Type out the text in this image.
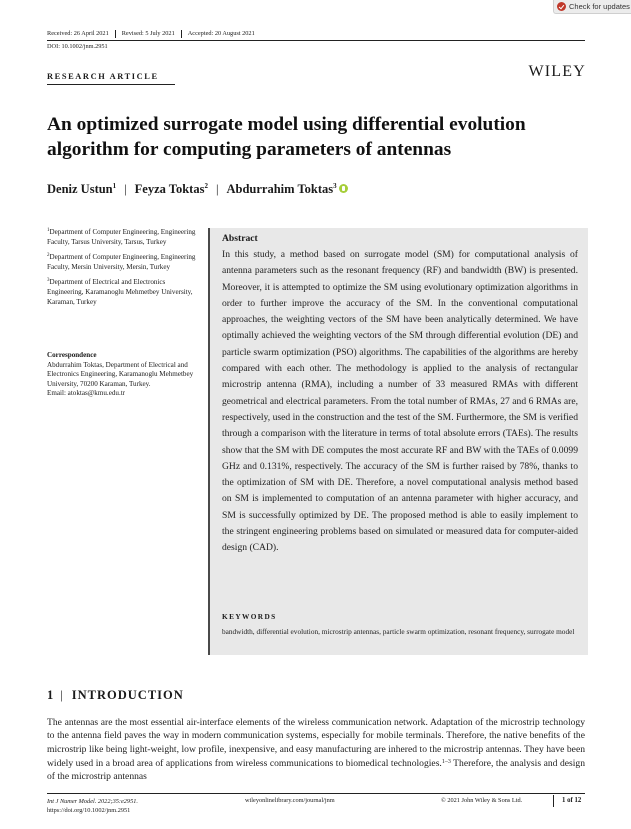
Check for updates
Received: 26 April 2021	Revised: 5 July 2021	Accepted: 20 August 2021
DOI: 10.1002/jnm.2951
RESEARCH ARTICLE	WILEY
An optimized surrogate model using differential evolution algorithm for computing parameters of antennas
Deniz Ustun$^1$ | Feyza Toktas$^2$ | Abdurrahim Toktas$^3$
$^1$Department of Computer Engineering, Engineering Faculty, Tarsus University, Tarsus, Turkey
$^2$Department of Computer Engineering, Engineering Faculty, Mersin University, Mersin, Turkey
$^3$Department of Electrical and Electronics Engineering, Karamanoglu Mehmetbey University, Karaman, Turkey
Correspondence
Abdurrahim Toktas, Department of Electrical and Electronics Engineering, Karamanoglu Mehmetbey University, 70200 Karaman, Turkey.
Email: atoktas@kmu.edu.tr
Abstract
In this study, a method based on surrogate model (SM) for computational analysis of antenna parameters such as the resonant frequency (RF) and bandwidth (BW) is presented. Moreover, it is attempted to optimize the SM using evolutionary optimization algorithms in order to further improve the accuracy of the SM. In the conventional computational approaches, the weighting vectors of the SM have been analytically determined. We have optimally achieved the weighting vectors of the SM through differential evolution (DE) and particle swarm optimization (PSO) algorithms. The capabilities of the algorithms are hereby compared with each other. The methodology is applied to the analysis of rectangular microstrip antenna (RMA), including a number of 33 measured RMAs with different geometrical and electrical parameters. From the total number of RMAs, 27 and 6 RMAs are, respectively, used in the construction and the test of the SM. Furthermore, the SM is verified through a comparison with the literature in terms of total absolute errors (TAEs). The results show that the SM with DE computes the most accurate RF and BW with the TAEs of 0.0099 GHz and 0.131%, respectively. The accuracy of the SM is further raised by 78%, thanks to the optimization of SM with DE. Therefore, a novel computational analysis method based on SM is implemented to computation of an antenna parameter with higher accuracy, and SM is successfully optimized by DE. The proposed method is able to easily implement to the stringent engineering problems based on simulated or measured data for computer-aided design (CAD).
KEYWORDS
bandwidth, differential evolution, microstrip antennas, particle swarm optimization, resonant frequency, surrogate model
1 | INTRODUCTION
The antennas are the most essential air-interface elements of the wireless communication network. Adaptation of the microstrip technology to the antenna field paves the way in modern communication systems, especially for mobile terminals. Therefore, the native benefits of the microstrip like being light-weight, low profile, inexpensive, and easy manufacturing are inhered to the microstrip antennas. They have been widely used in a broad area of applications from wireless communications to biomedical technologies.$^{1-3}$ Therefore, the analysis and design of the microstrip antennas
Int J Numer Model. 2022;35:e2951.
https://doi.org/10.1002/jnm.2951
wileyonlinelibrary.com/journal/jnm	© 2021 John Wiley & Sons Ltd.	1 of 12
